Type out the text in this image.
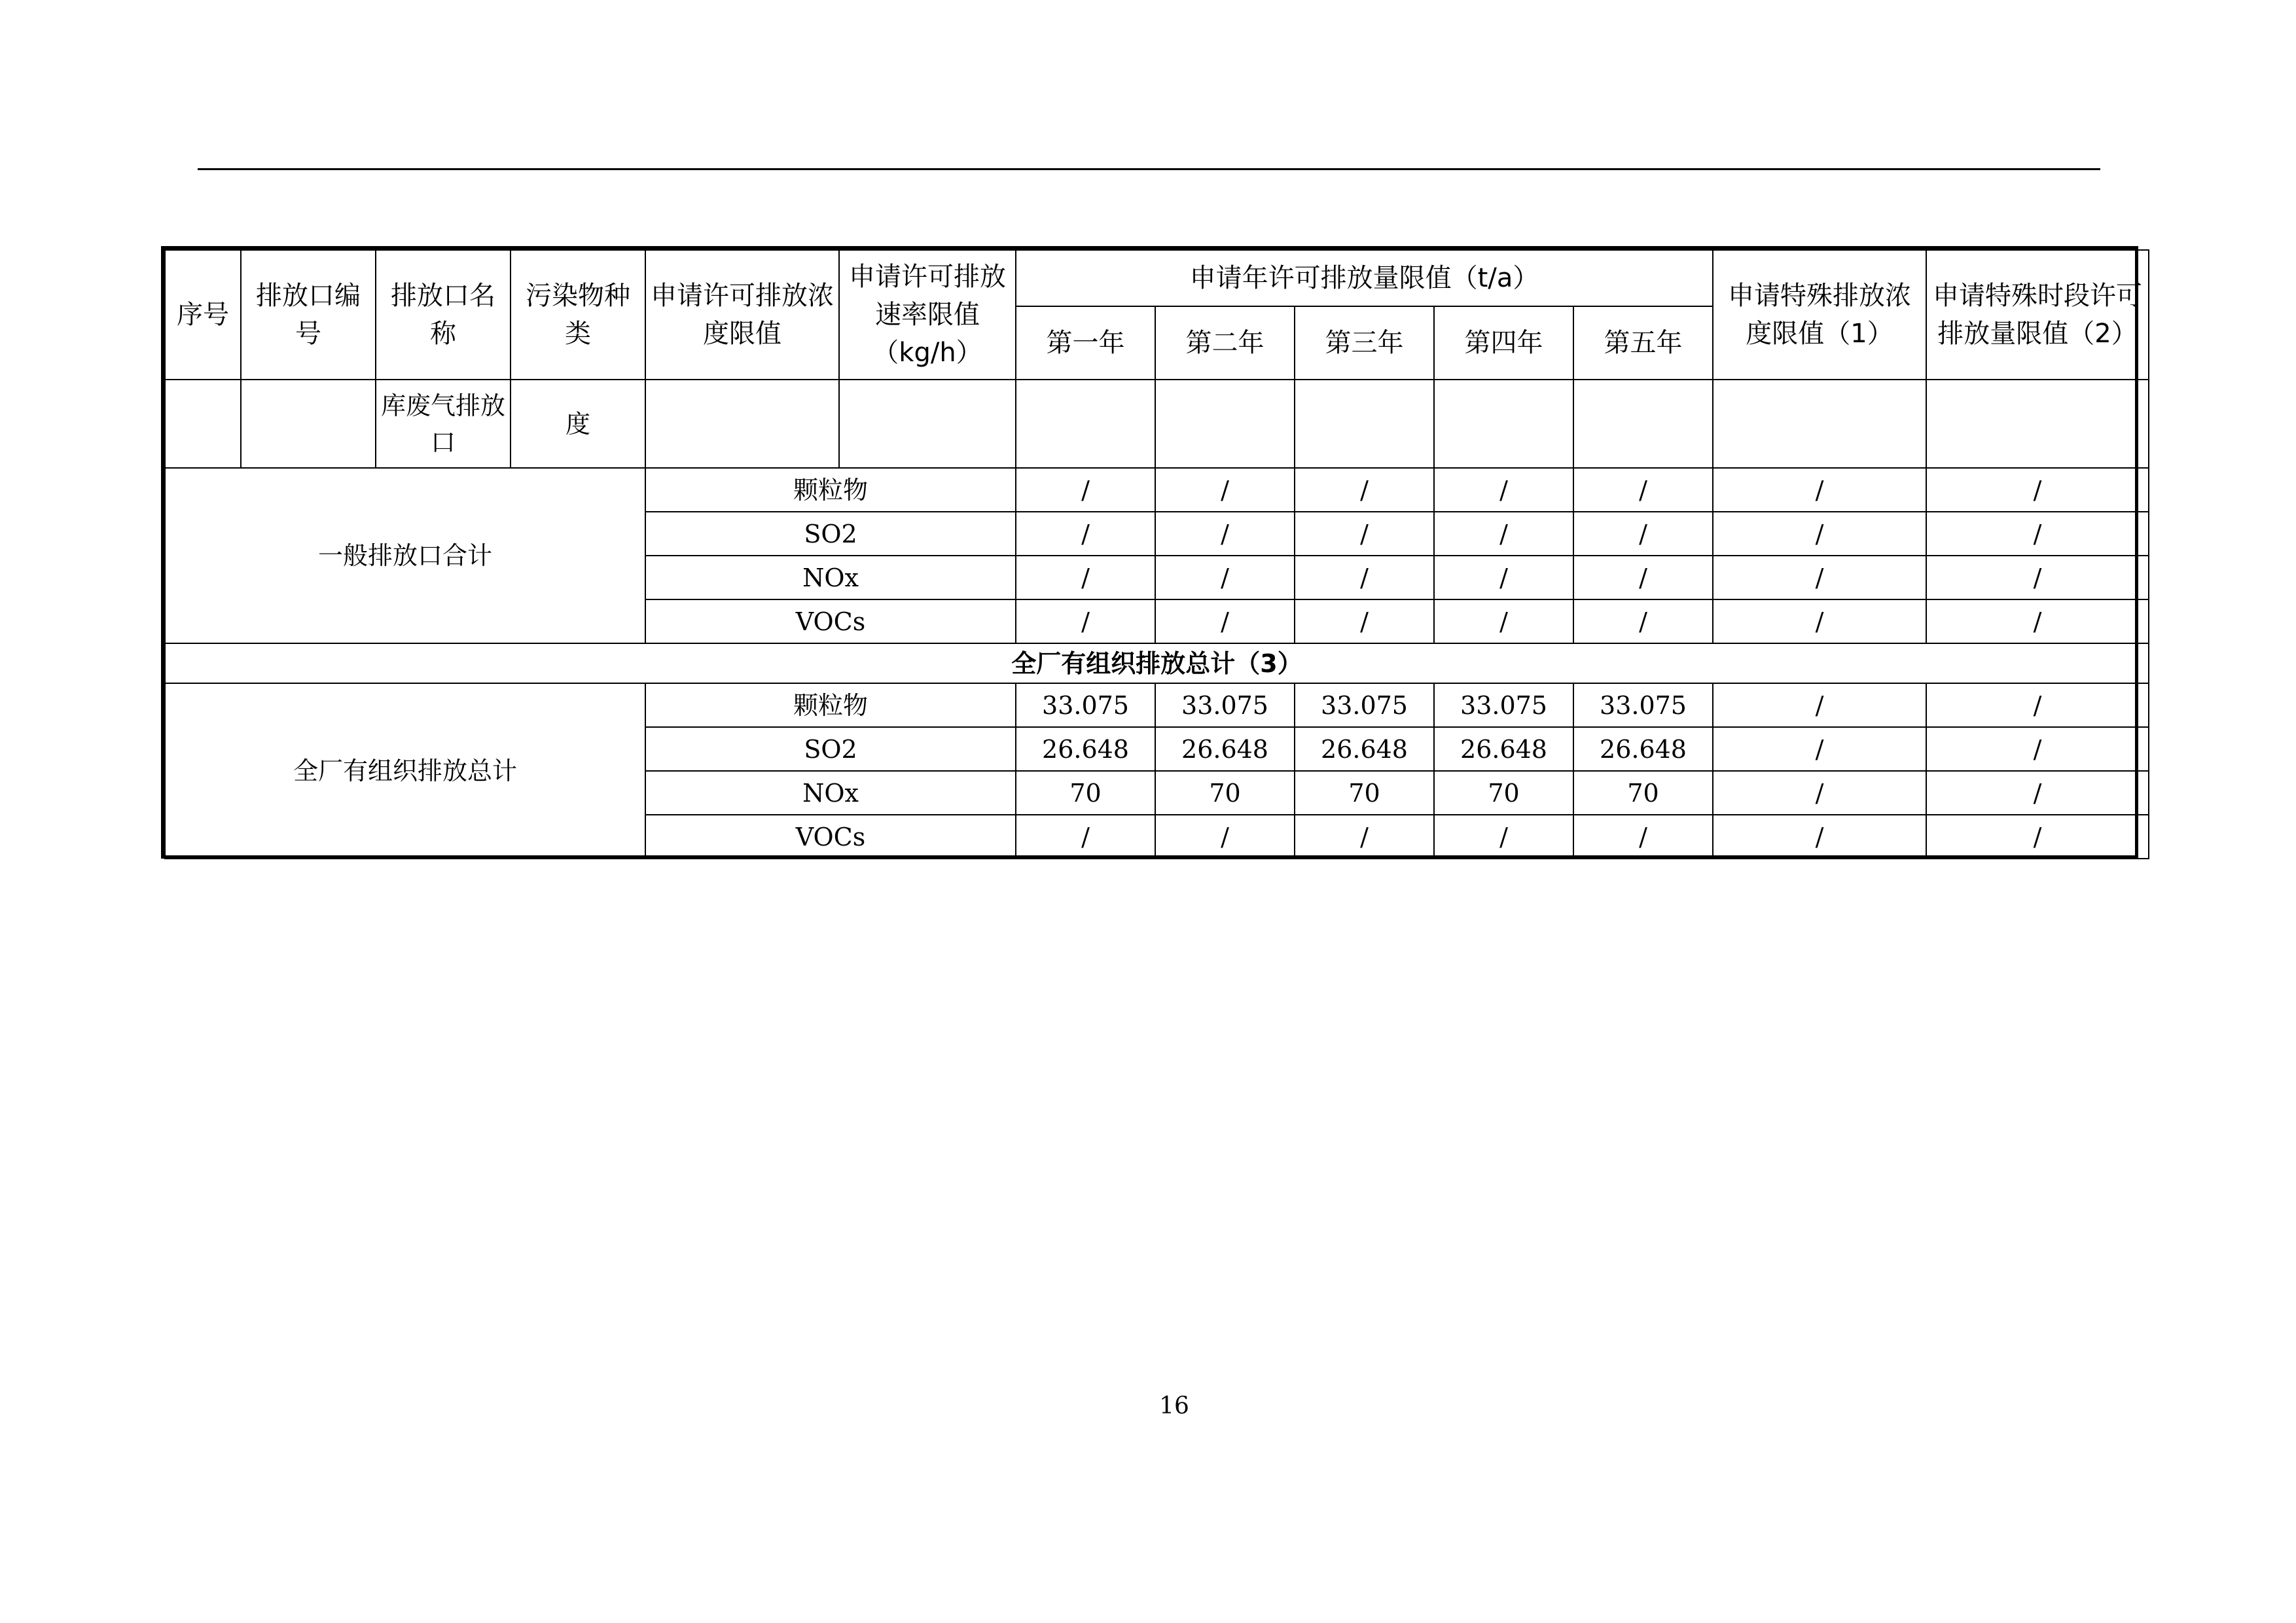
序号	排放口编号	排放口名称	污染物种类	申请许可排放浓度限值	申请许可排放速率限值（kg/h）	申请年许可排放量限值（t/a）					申请特殊排放浓度限值（1）	申请特殊时段许可排放量限值（2）
						第一年	第二年	第三年	第四年	第五年		
		库废气排放口	度									
一般排放口合计				颗粒物		/	/	/	/	/	/	/
				SO2		/	/	/	/	/	/	/
				NOx		/	/	/	/	/	/	/
				VOCs		/	/	/	/	/	/	/
全厂有组织排放总计（3）												
全厂有组织排放总计				颗粒物		33.075	33.075	33.075	33.075	33.075	/	/
				SO2		26.648	26.648	26.648	26.648	26.648	/	/
				NOx		70	70	70	70	70	/	/
				VOCs		/	/	/	/	/	/	/
16
